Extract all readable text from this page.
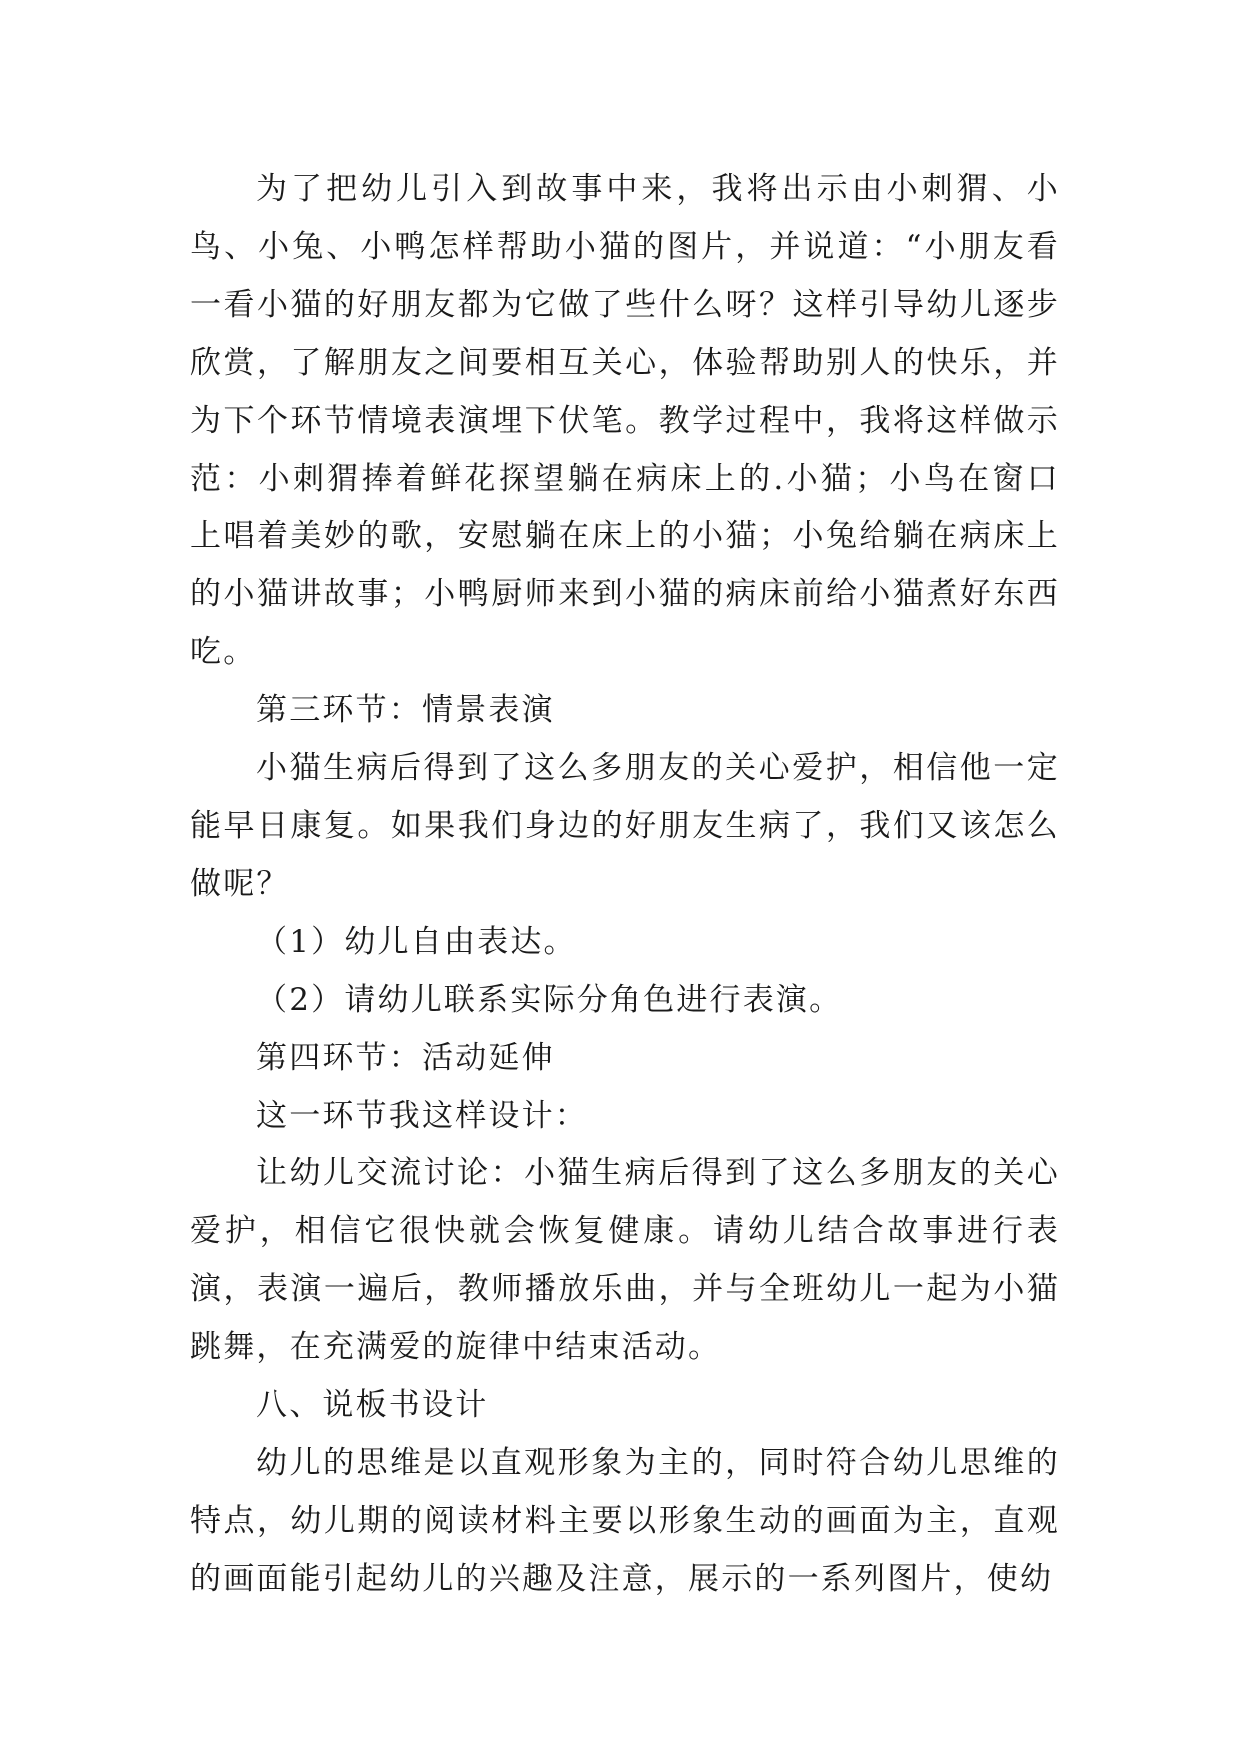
为了把幼儿引入到故事中来，我将出示由小刺猬、小鸟、小兔、小鸭怎样帮助小猫的图片，并说道：“小朋友看一看小猫的好朋友都为它做了些什么呀？这样引导幼儿逐步欣赏，了解朋友之间要相互关心，体验帮助别人的快乐，并为下个环节情境表演埋下伏笔。教学过程中，我将这样做示范：小刺猬捧着鲜花探望躺在病床上的.小猫；小鸟在窗口上唱着美妙的歌，安慰躺在床上的小猫；小兔给躺在病床上的小猫讲故事；小鸭厨师来到小猫的病床前给小猫煮好东西吃。

第三环节：情景表演

小猫生病后得到了这么多朋友的关心爱护，相信他一定能早日康复。如果我们身边的好朋友生病了，我们又该怎么做呢？

（1）幼儿自由表达。

（2）请幼儿联系实际分角色进行表演。

第四环节：活动延伸

这一环节我这样设计：

让幼儿交流讨论：小猫生病后得到了这么多朋友的关心爱护，相信它很快就会恢复健康。请幼儿结合故事进行表演，表演一遍后，教师播放乐曲，并与全班幼儿一起为小猫跳舞，在充满爱的旋律中结束活动。

八、说板书设计

幼儿的思维是以直观形象为主的，同时符合幼儿思维的特点，幼儿期的阅读材料主要以形象生动的画面为主，直观的画面能引起幼儿的兴趣及注意，展示的一系列图片，使幼
